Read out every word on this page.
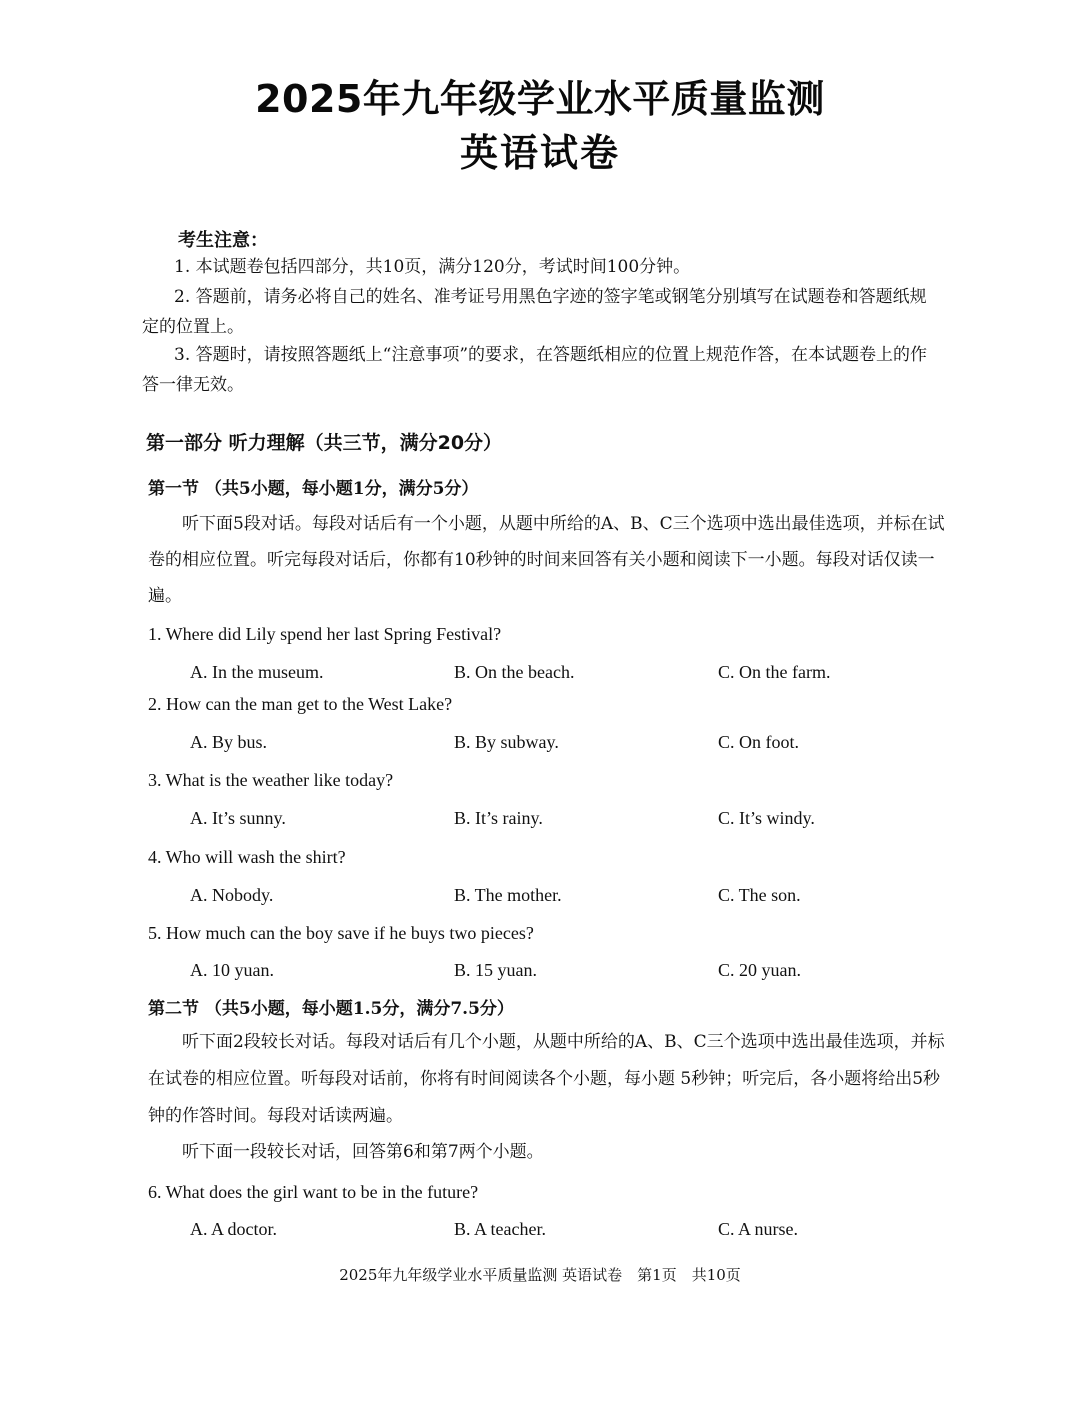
2025年九年级学业水平质量监测
英语试卷
考生注意：

1. 本试题卷包括四部分，共10页，满分120分，考试时间100分钟。

2. 答题前，请务必将自己的姓名、准考证号用黑色字迹的签字笔或钢笔分别填写在试题卷和答题纸规定的位置上。

3. 答题时，请按照答题纸上“注意事项”的要求，在答题纸相应的位置上规范作答，在本试题卷上的作答一律无效。

第一部分 听力理解（共三节，满分20分）
第一节 （共5小题，每小题1分，满分5分）

听下面5段对话。每段对话后有一个小题，从题中所给的A、B、C三个选项中选出最佳选项，并标在试卷的相应位置。听完每段对话后，你都有10秒钟的时间来回答有关小题和阅读下一小题。每段对话仅读一遍。

1. Where did Lily spend her last Spring Festival?

A. In the museum.	B. On the beach.	C. On the farm.

2. How can the man get to the West Lake?

A. By bus.	B. By subway.	C. On foot.

3. What is the weather like today?

A. It’s sunny.	B. It’s rainy.	C. It’s windy.

4. Who will wash the shirt?

A. Nobody.	B. The mother.	C. The son.

5. How much can the boy save if he buys two pieces?

A. 10 yuan.	B. 15 yuan.	C. 20 yuan.
第二节 （共5小题，每小题1.5分，满分7.5分）

听下面2段较长对话。每段对话后有几个小题，从题中所给的A、B、C三个选项中选出最佳选项，并标在试卷的相应位置。听每段对话前，你将有时间阅读各个小题，每小题 5秒钟；听完后，各小题将给出5秒钟的作答时间。每段对话读两遍。

听下面一段较长对话，回答第6和第7两个小题。

6. What does the girl want to be in the future?

A. A doctor.	B. A teacher.	C. A nurse.
2025年九年级学业水平质量监测 英语试卷　第1页　共10页
